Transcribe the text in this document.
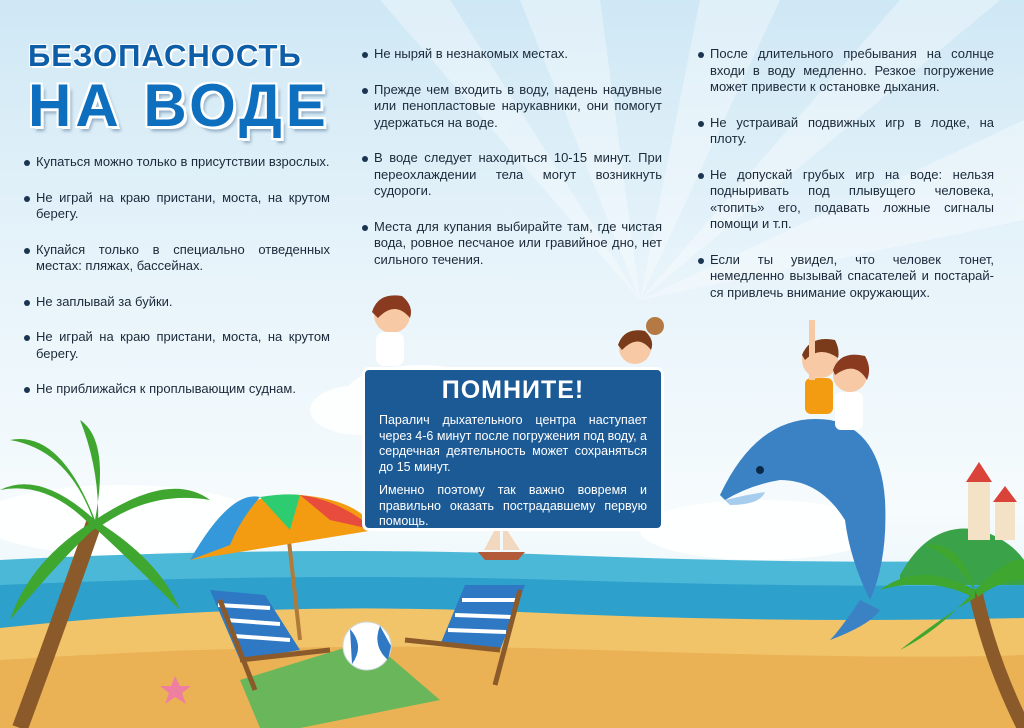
БЕЗОПАСНОСТЬ
НА ВОДЕ
Купаться можно только в присутствии взрослых.
Не играй на краю пристани, моста, на крутом берегу.
Купайся только в специально отведенных местах: пляжах, бассейнах.
Не заплывай за буйки.
Не играй на краю пристани, моста, на крутом берегу.
Не приближайся к проплывающим суднам.
Не ныряй в незнакомых местах.
Прежде чем входить в воду, надень надувные или пенопластовые нарукавники, они помогут удержаться на воде.
В воде следует находиться 10-15 минут. При переохлаждении тела могут возникнуть судороги.
Места для купания выбирайте там, где чистая вода, ровное песчаное или гравийное дно, нет сильного течения.
После длительного пребывания на солнце входи в воду медленно. Резкое погружение может привести к остановке дыхания.
Не устраивай подвижных игр в лодке, на плоту.
Не допускай грубых игр на воде: нельзя подныривать под плывущего человека, «топить» его, подавать ложные сигналы помощи и т.п.
Если ты увидел, что человек тонет, немедленно вызывай спасателей и постарай-ся привлечь внимание окружающих.
ПОМНИТЕ!

Паралич дыхательного центра наступает через 4-6 минут после погружения под воду, а сердечная деятельность может сохраняться до 15 минут.

Именно поэтому так важно вовремя и правильно оказать пострадавшему первую помощь.
